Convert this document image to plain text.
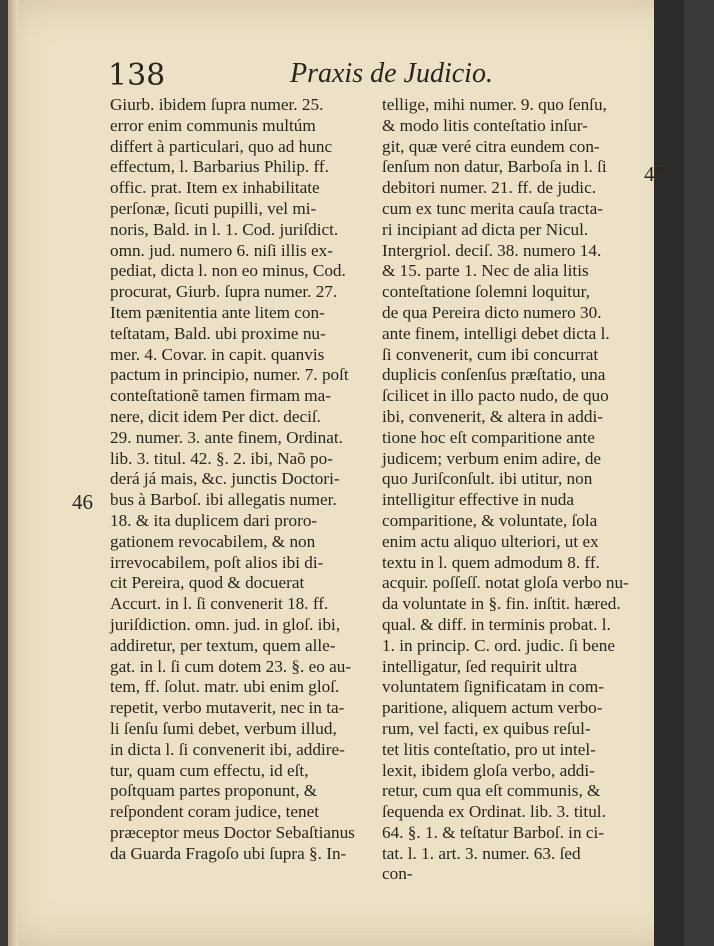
138	Praxis de Judicio.
Giurb. ibidem ſupra numer. 25.
error enim communis multúm
differt à particulari, quo ad hunc
effectum, l. Barbarius Philip. ff.
offic. prat. Item ex inhabilitate
perſonæ, ſicuti pupilli, vel mi-
noris, Bald. in l. 1. Cod. juriſdict.
omn. jud. numero 6. niſi illis ex-
pediat, dicta l. non eo minus, Cod.
procurat, Giurb. ſupra numer. 27.
Item pænitentia ante litem con-
teſtatam, Bald. ubi proxime nu-
mer. 4. Covar. in capit. quanvis
pactum in principio, numer. 7. poſt
conteſtationẽ tamen firmam ma-
nere, dicit idem Per dict. deciſ.
29. numer. 3. ante finem, Ordinat.
lib. 3. titul. 42. §. 2. ibi, Naõ po-
derá já mais, &c. junctis Doctori-
bus à Barboſ. ibi allegatis numer.
18. & ita duplicem dari proro-
gationem revocabilem, & non
irrevocabilem, poſt alios ibi di-
cit Pereira, quod & docuerat
Accurt. in l. ſi convenerit 18. ff.
juriſdiction. omn. jud. in gloſ. ibi,
addiretur, per textum, quem alle-
gat. in l. ſi cum dotem 23. §. eo au-
tem, ff. ſolut. matr. ubi enim gloſ.
repetit, verbo mutaverit, nec in ta-
li ſenſu ſumi debet, verbum illud,
in dicta l. ſi convenerit ibi, addire-
tur, quam cum effectu, id eſt,
poſtquam partes proponunt, &
reſpondent coram judice, tenet
præceptor meus Doctor Sebaſtianus
da Guarda Fragoſo ubi ſupra §. In-
tellige, mihi numer. 9. quo ſenſu,
& modo litis conteſtatio inſur-
git, quæ veré citra eundem con-
ſenſum non datur, Barboſa in l. ſi
debitori numer. 21. ff. de judic.
cum ex tunc merita cauſa tracta-
ri incipiant ad dicta per Nicul.
Intergriol. deciſ. 38. numero 14.
& 15. parte 1. Nec de alia litis
conteſtatione ſolemni loquitur,
de qua Pereira dicto numero 30.
ante finem, intelligi debet dicta l.
ſi convenerit, cum ibi concurrat
duplicis conſenſus præſtatio, una
ſcilicet in illo pacto nudo, de quo
ibi, convenerit, & altera in addi-
tione hoc eſt comparitione ante
judicem; verbum enim adire, de
quo Juriſconſult. ibi utitur, non
intelligitur effective in nuda
comparitione, & voluntate, ſola
enim actu aliquo ulteriori, ut ex
textu in l. quem admodum 8. ff.
acquir. poſſeſſ. notat gloſa verbo nu-
da voluntate in §. fin. inſtit. hæred.
qual. & diff. in terminis probat. l.
1. in princip. C. ord. judic. ſi bene
intelligatur, ſed requirit ultra
voluntatem ſignificatam in com-
paritione, aliquem actum verbo-
rum, vel facti, ex quibus reſul-
tet litis conteſtatio, pro ut intel-
lexit, ibidem gloſa verbo, addi-
retur, cum qua eſt communis, &
ſequenda ex Ordinat. lib. 3. titul.
64. §. 1. & teſtatur Barboſ. in ci-
tat. l. 1. art. 3. numer. 63. ſed
con-
46
47
